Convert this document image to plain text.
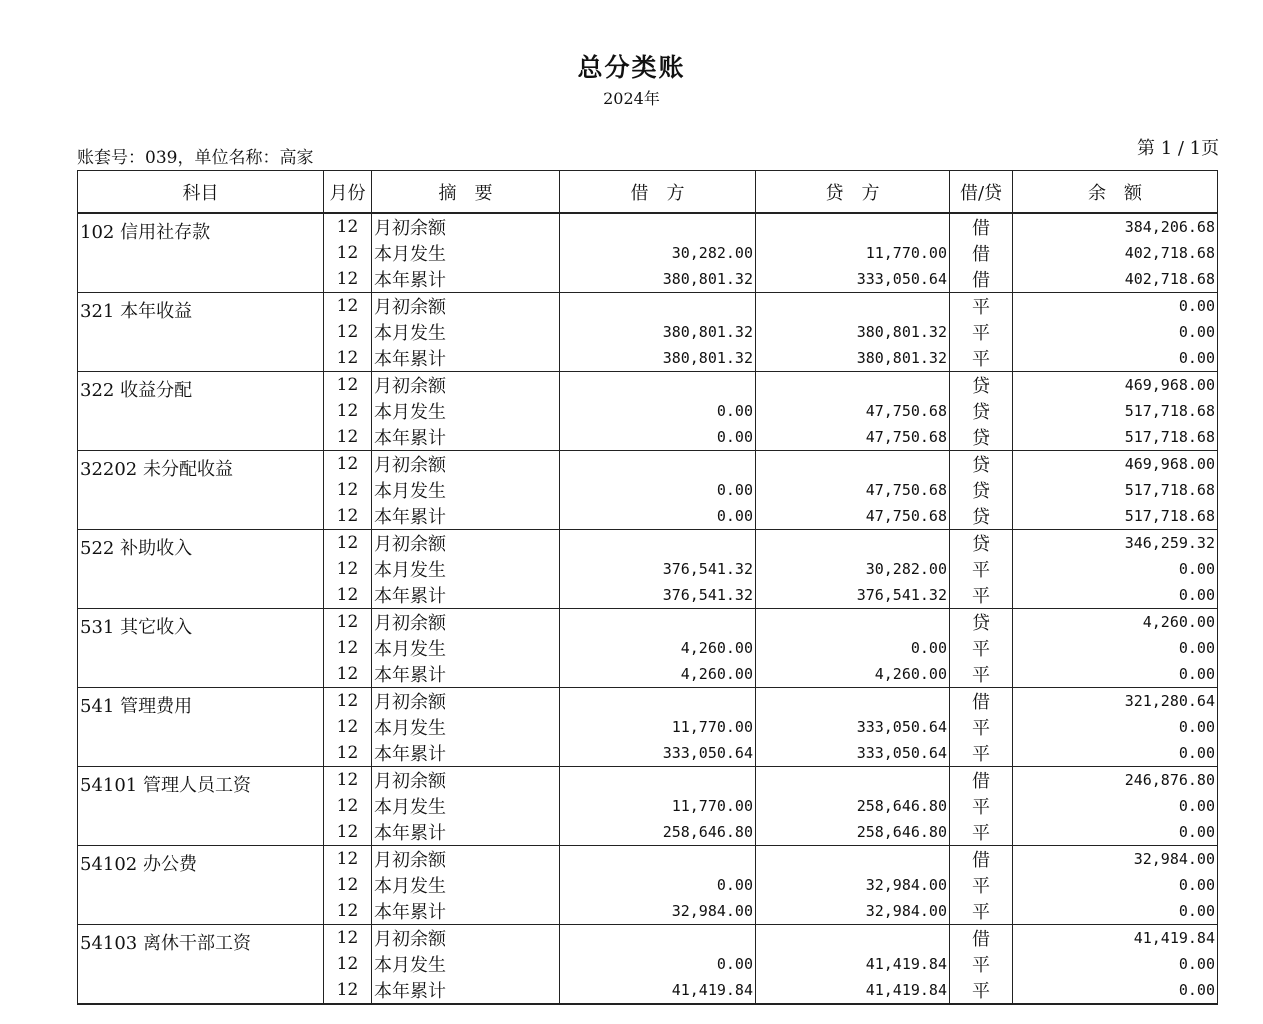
总分类账
2024年
账套号：039，单位名称：高家	第 1 / 1页
科目	月份	摘　要	借　方	贷　方	借/贷	余　额
102 信用社存款	12	月初余额			借	384,206.68
	12	本月发生	30,282.00	11,770.00	借	402,718.68
	12	本年累计	380,801.32	333,050.64	借	402,718.68
321 本年收益	12	月初余额			平	0.00
	12	本月发生	380,801.32	380,801.32	平	0.00
	12	本年累计	380,801.32	380,801.32	平	0.00
322 收益分配	12	月初余额			贷	469,968.00
	12	本月发生	0.00	47,750.68	贷	517,718.68
	12	本年累计	0.00	47,750.68	贷	517,718.68
32202 未分配收益	12	月初余额			贷	469,968.00
	12	本月发生	0.00	47,750.68	贷	517,718.68
	12	本年累计	0.00	47,750.68	贷	517,718.68
522 补助收入	12	月初余额			贷	346,259.32
	12	本月发生	376,541.32	30,282.00	平	0.00
	12	本年累计	376,541.32	376,541.32	平	0.00
531 其它收入	12	月初余额			贷	4,260.00
	12	本月发生	4,260.00	0.00	平	0.00
	12	本年累计	4,260.00	4,260.00	平	0.00
541 管理费用	12	月初余额			借	321,280.64
	12	本月发生	11,770.00	333,050.64	平	0.00
	12	本年累计	333,050.64	333,050.64	平	0.00
54101 管理人员工资	12	月初余额			借	246,876.80
	12	本月发生	11,770.00	258,646.80	平	0.00
	12	本年累计	258,646.80	258,646.80	平	0.00
54102 办公费	12	月初余额			借	32,984.00
	12	本月发生	0.00	32,984.00	平	0.00
	12	本年累计	32,984.00	32,984.00	平	0.00
54103 离休干部工资	12	月初余额			借	41,419.84
	12	本月发生	0.00	41,419.84	平	0.00
	12	本年累计	41,419.84	41,419.84	平	0.00
